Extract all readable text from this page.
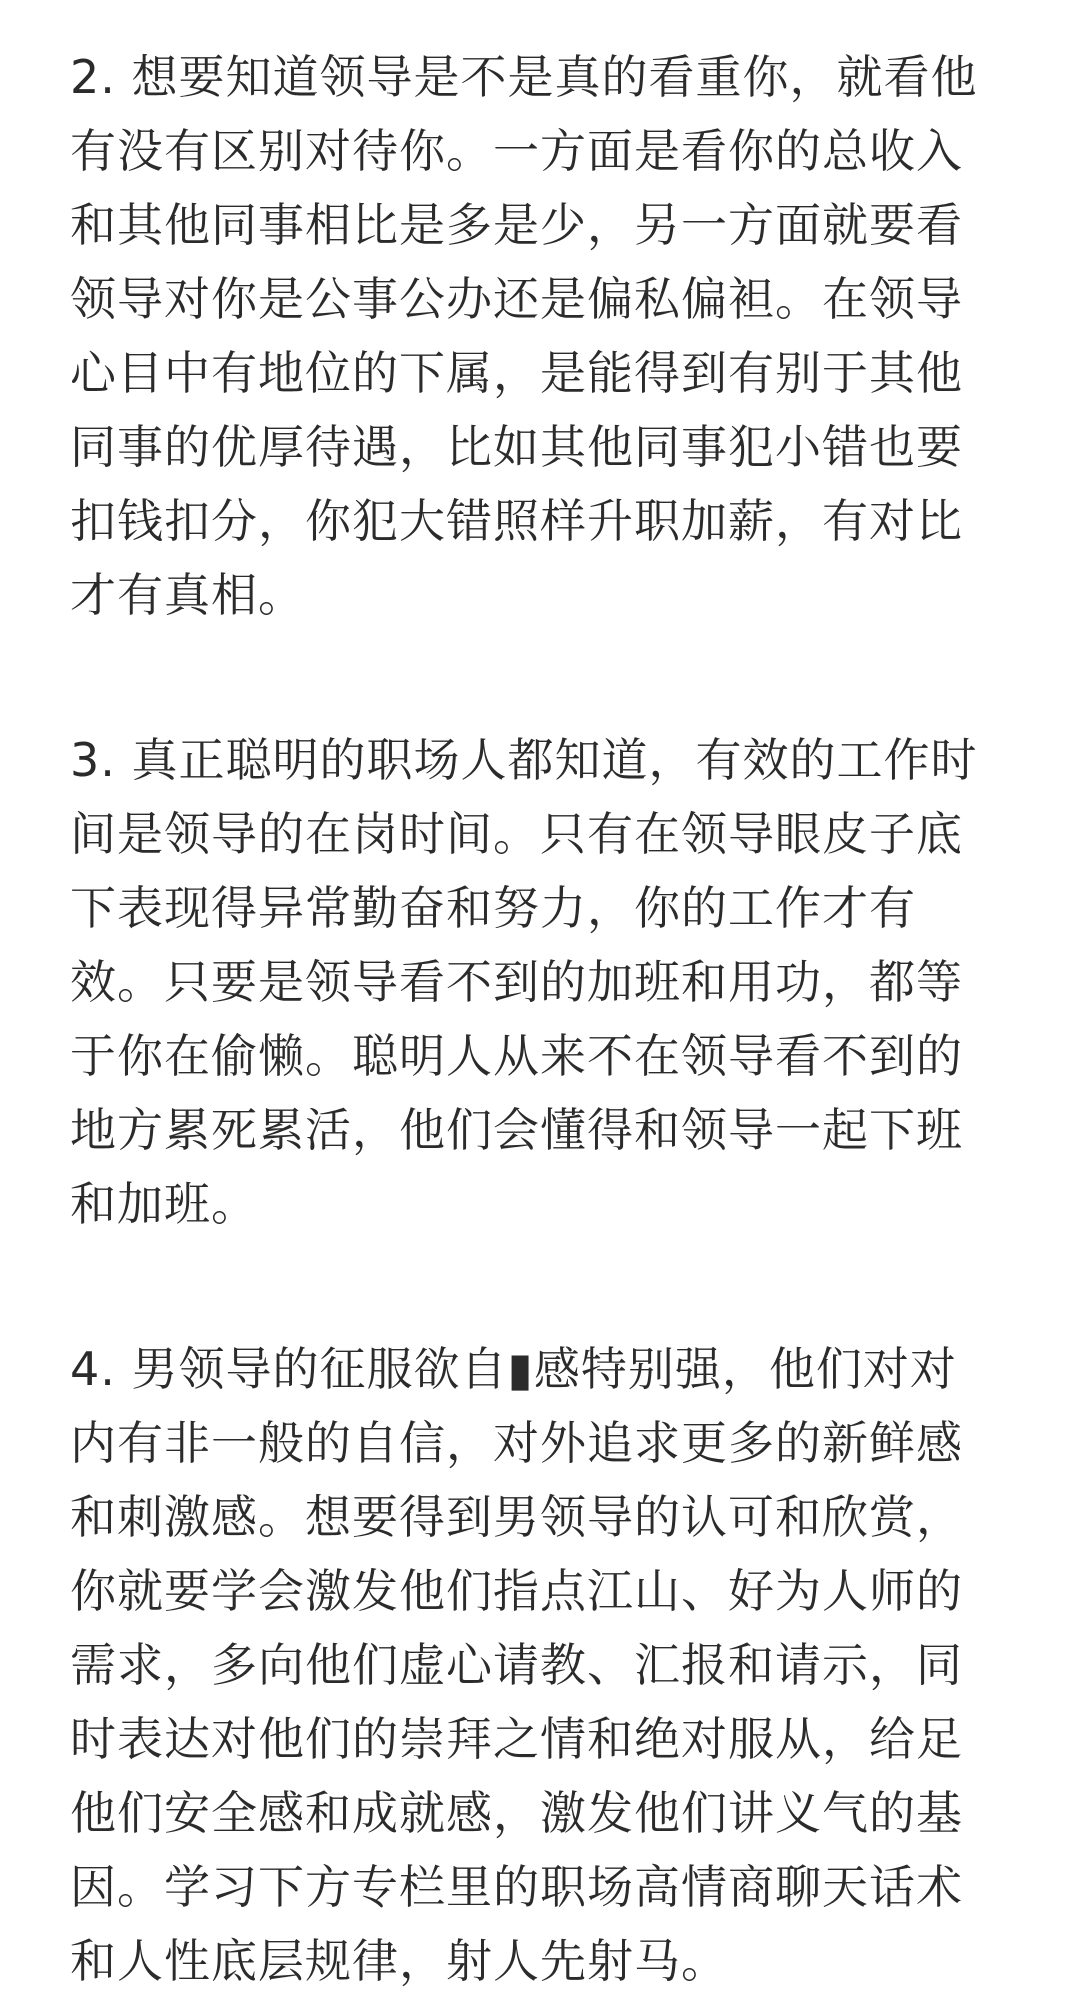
2. 想要知道领导是不是真的看重你，就看他
有没有区别对待你。一方面是看你的总收入
和其他同事相比是多是少，另一方面就要看
领导对你是公事公办还是偏私偏袒。在领导
心目中有地位的下属，是能得到有别于其他
同事的优厚待遇，比如其他同事犯小错也要
扣钱扣分，你犯大错照样升职加薪，有对比
才有真相。

3. 真正聪明的职场人都知道，有效的工作时
间是领导的在岗时间。只有在领导眼皮子底
下表现得异常勤奋和努力，你的工作才有
效。只要是领导看不到的加班和用功，都等
于你在偷懒。聪明人从来不在领导看不到的
地方累死累活，他们会懂得和领导一起下班
和加班。

4. 男领导的征服欲自▮感特别强，他们对对
内有非一般的自信，对外追求更多的新鲜感
和刺激感。想要得到男领导的认可和欣赏，
你就要学会激发他们指点江山、好为人师的
需求，多向他们虚心请教、汇报和请示，同
时表达对他们的崇拜之情和绝对服从，给足
他们安全感和成就感，激发他们讲义气的基
因。学习下方专栏里的职场高情商聊天话术
和人性底层规律，射人先射马。
